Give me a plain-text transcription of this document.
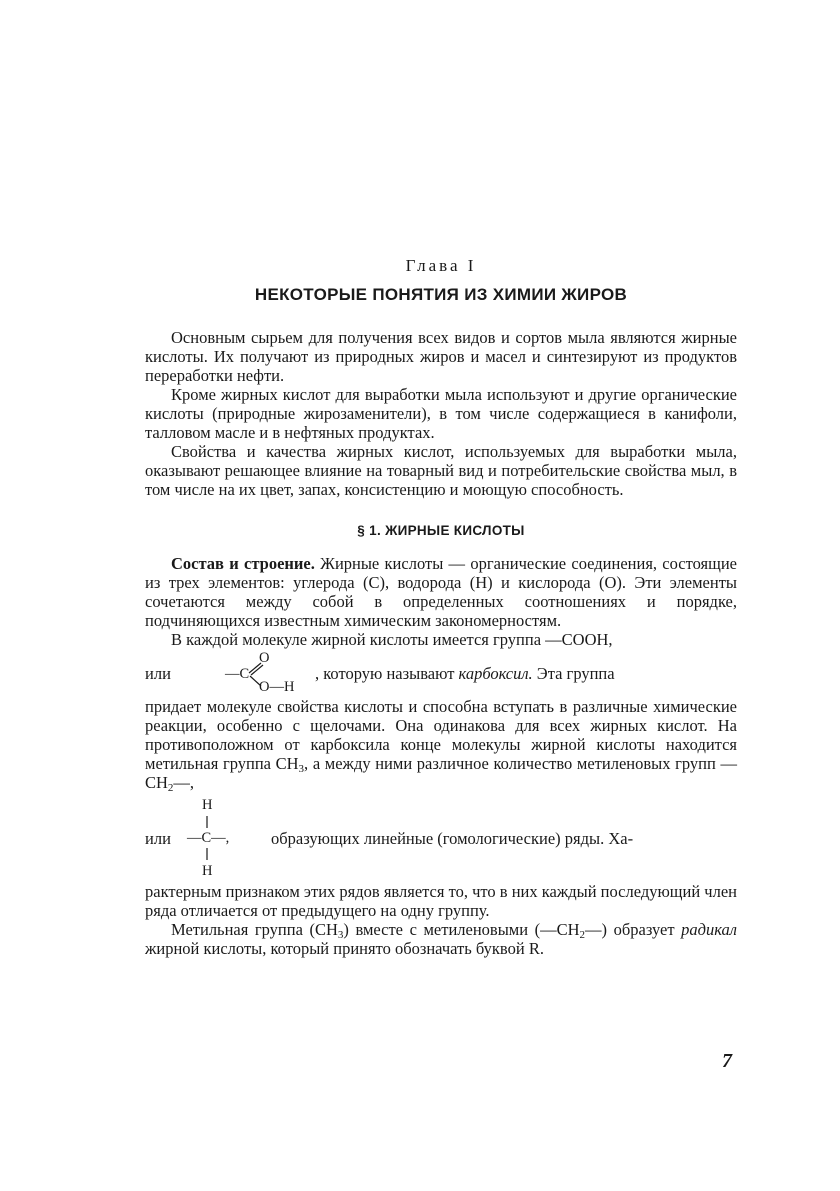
Глава I
НЕКОТОРЫЕ ПОНЯТИЯ ИЗ ХИМИИ ЖИРОВ

Основным сырьем для получения всех видов и сортов мыла являются жирные кислоты. Их получают из природных жиров и масел и синтезируют из продуктов переработки нефти.

Кроме жирных кислот для выработки мыла используют и другие органические кислоты (природные жирозаменители), в том числе содержащиеся в канифоли, талловом масле и в нефтяных продуктах.

Свойства и качества жирных кислот, используемых для выработки мыла, оказывают решающее влияние на товарный вид и потребительские свойства мыл, в том числе на их цвет, запах, консистенцию и моющую способность.

§ 1. ЖИРНЫЕ КИСЛОТЫ

Состав и строение. Жирные кислоты — органические соединения, состоящие из трех элементов: углерода (С), водорода (Н) и кислорода (О). Эти элементы сочетаются между собой в определенных соотношениях и порядке, подчиняющихся известным химическим закономерностям.

В каждой молекуле жирной кислоты имеется группа —СООН,

или	—С
О
О—Н
, которую называют карбоксил. Эта группа

придает молекуле свойства кислоты и способна вступать в различные химические реакции, особенно с щелочами. Она одинакова для всех жирных кислот. На противоположном от карбоксила конце молекулы жирной кислоты находится метильная группа $СН_3$, а между ними различное количество метиленовых групп $—СН_2—$,

или
Н
—С—,
Н
образующих линейные (гомологические) ряды. Ха-

рактерным признаком этих рядов является то, что в них каждый последующий член ряда отличается от предыдущего на одну группу.

Метильная группа $(СН_3)$ вместе с метиленовыми $(—СН_2—)$ образует радикал жирной кислоты, который принято обозначать буквой R.

7
